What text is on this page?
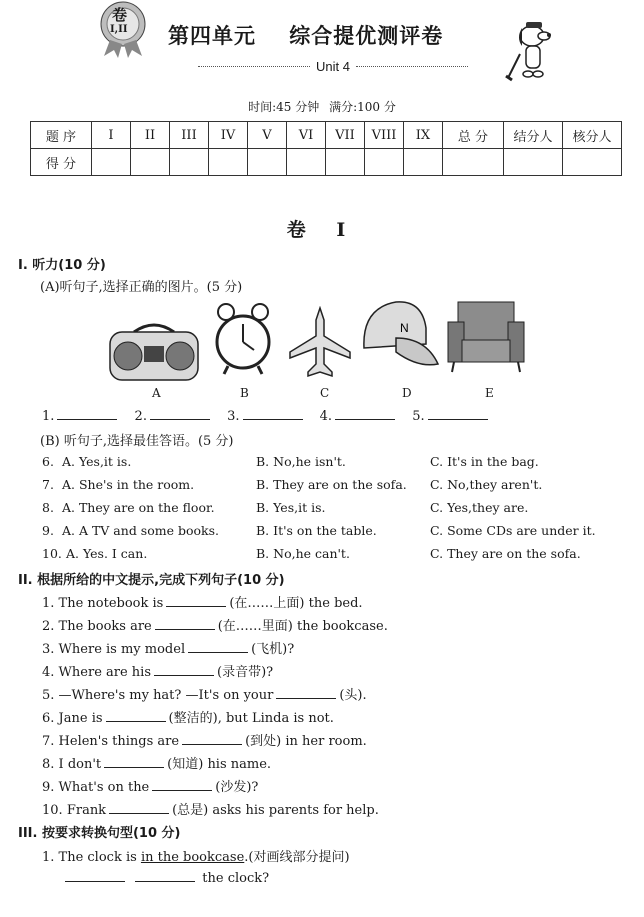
卷
I,II 第四单元    综合提优测评卷
Unit 4
时间:45 分钟 满分:100 分
题 序	I	II	III	IV	V	VI	VII	VIII	IX	总 分	结分人	核分人
得 分												
卷 I
I. 听力(10 分)
(A)听句子,选择正确的图片。(5 分)
N
A	B	C	D	E
1.	2.	3.	4.	5.
(B) 听句子,选择最佳答语。(5 分)
6. A. Yes,it is.	B. No,he isn't.	C. It's in the bag.
7. A. She's in the room.	B. They are on the sofa. C. No,they aren't.
8. A. They are on the floor.	B. Yes,it is.	C. Yes,they are.
9. A. A TV and some books.	B. It's on the table.	C. Some CDs are under it.
10. A. Yes. I can.	B. No,he can't.	C. They are on the sofa.
II. 根据所给的中文提示,完成下列句子(10 分)
1. The notebook is	(在……上面) the bed.
2. The books are	(在……里面) the bookcase.
3. Where is my model	(飞机)?
4. Where are his	(录音带)?
5. —Where's my hat? —It's on your	(头).
6. Jane is	(整洁的), but Linda is not.
7. Helen's things are	(到处) in her room.
8. I don't	(知道) his name.
9. What's on the	(沙发)?
10. Frank	(总是) asks his parents for help.
III. 按要求转换句型(10 分)
1. The clock is in the bookcase.(对画线部分提问)
the clock?
